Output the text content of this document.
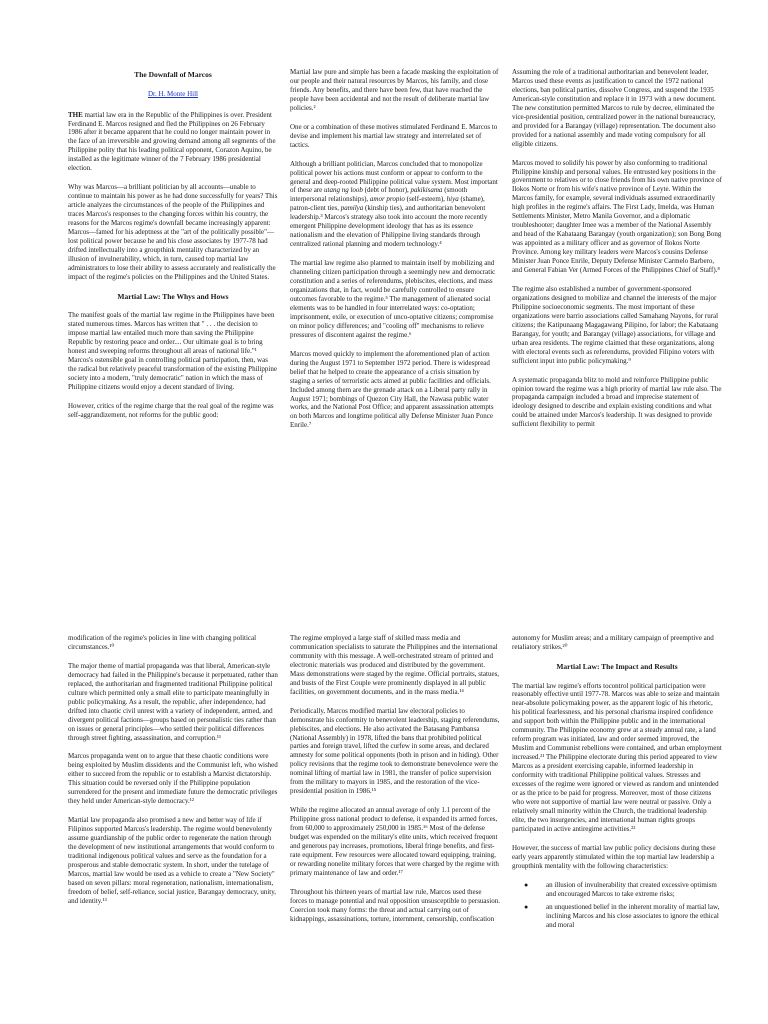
The Downfall of Marcos
Dr. H. Monte Hill

THE martial law era in the Republic of the Philippines is over. President Ferdinand E. Marcos resigned and fled the Philippines on 26 February 1986 after it became apparent that he could no longer maintain power in the face of an irreversible and growing demand among all segments of the Philippine polity that his leading political opponent, Corazon Aquino, be installed as the legitimate winner of the 7 February 1986 presidential election.

Why was Marcos—a brilliant politician by all accounts—unable to continue to maintain his power as he had done successfully for years? This article analyzes the circumstances of the people of the Philippines and traces Marcos's responses to the changing forces within his country, the reasons for the Marcos regime's downfall became increasingly apparent: Marcos—famed for his adeptness at the "art of the politically possible"—lost political power because he and his close associates by 1977-78 had drifted intellectually into a groupthink mentality characterized by an illusion of invulnerability, which, in turn, caused top martial law administrators to lose their ability to assess accurately and realistically the impact of the regime's policies on the Philippines and the United States.

Martial Law: The Whys and Hows

The manifest goals of the martial law regime in the Philippines have been stated numerous times. Marcos has written that " . . . the decision to impose martial law entailed much more than saving the Philippine Republic by restoring peace and order.... Our ultimate goal is to bring honest and sweeping reforms throughout all areas of national life."¹ Marcos's ostensible goal in controlling political participation, then, was the radical but relatively peaceful transformation of the existing Philippine society into a modern, "truly democratic" nation in which the mass of Philippine citizens would enjoy a decent standard of living.

However, critics of the regime charge that the real goal of the regime was self-aggrandizement, not reforms for the public good:

Martial law pure and simple has been a facade masking the exploitation of our people and their natural resources by Marcos, his family, and close friends. Any benefits, and there have been few, that have reached the people have been accidental and not the result of deliberate martial law policies.²

One or a combination of these motives stimulated Ferdinand E. Marcos to devise and implement his martial law strategy and interrelated set of tactics.

Although a brilliant politician, Marcos concluded that to monopolize political power his actions must conform or appear to conform to the general and deep-rooted Philippine political value system. Most important of these are utang ng loob (debt of honor), pakikisama (smooth interpersonal relationships), amor propio (self-esteem), hiya (shame), patron-client ties, pamilya (kinship ties), and authoritarian benevolent leadership.³ Marcos's strategy also took into account the more recently emergent Philippine development ideology that has as its essence nationalism and the elevation of Philippine living standards through centralized rational planning and modern technology.⁴

The martial law regime also planned to maintain itself by mobilizing and channeling citizen participation through a seemingly new and democratic constitution and a series of referendums, plebiscites, elections, and mass organizations that, in fact, would be carefully controlled to ensure outcomes favorable to the regime.⁵ The management of alienated social elements was to be handled in four interrelated ways: co-optation; imprisonment, exile, or execution of unco-optative citizens; compromise on minor policy differences; and "cooling off" mechanisms to relieve pressures of discontent against the regime.⁶

Marcos moved quickly to implement the aforementioned plan of action during the August 1971 to September 1972 period. There is widespread belief that he helped to create the appearance of a crisis situation by staging a series of terroristic acts aimed at public facilities and officials. Included among them are the grenade attack on a Liberal party rally in August 1971; bombings of Quezon City Hall, the Nawasa public water works, and the National Post Office; and apparent assassination attempts on both Marcos and longtime political ally Defense Minister Juan Ponce Enrile.⁷

Assuming the role of a traditional authoritarian and benevolent leader, Marcos used these events as justification to cancel the 1972 national elections, ban political parties, dissolve Congress, and suspend the 1935 American-style constitution and replace it in 1973 with a new document. The new constitution permitted Marcos to rule by decree, eliminated the vice-presidential position, centralized power in the national bureaucracy, and provided for a Barangay (village) representation. The document also provided for a national assembly and made voting compulsory for all eligible citizens.

Marcos moved to solidify his power by also conforming to traditional Philippine kinship and personal values. He entrusted key positions in the government to relatives or to close friends from his own native province of Ilokos Norte or from his wife's native province of Leyte. Within the Marcos family, for example, several individuals assumed extraordinarily high profiles in the regime's affairs. The First Lady, Imelda, was Human Settlements Minister, Metro Manila Governor, and a diplomatic troubleshooter; daughter Imee was a member of the National Assembly and head of the Kabataang Barangay (youth organization); son Bong Bong was appointed as a military officer and as governor of Ilokos Norte Province. Among key military leaders were Marcos's cousins Defense Minister Juan Ponce Enrile, Deputy Defense Minister Carmelo Barbero, and General Fabian Ver (Armed Forces of the Philippines Chief of Staff).⁸

The regime also established a number of government-sponsored organizations designed to mobilize and channel the interests of the major Philippine socioeconomic segments. The most important of these organizations were barrio associations called Samahang Nayons, for rural citizens; the Katipunaang Magagawang Pilipino, for labor; the Kabataang Barangay, for youth; and Barangay (village) associations, for village and urban area residents. The regime claimed that these organizations, along with electoral events such as referendums, provided Filipino voters with sufficient input into public policymaking.⁹

A systematic propaganda blitz to mold and reinforce Philippine public opinion toward the regime was a high priority of martial law rule also. The propaganda campaign included a broad and imprecise statement of ideology designed to describe and explain existing conditions and what could be attained under Marcos's leadership. It was designed to provide sufficient flexibility to permit

modification of the regime's policies in line with changing political circumstances.¹⁰

The major theme of martial propaganda was that liberal, American-style democracy had failed in the Philippine's because it perpetuated, rather than replaced, the authoritarian and fragmented traditional Philippine political culture which permitted only a small elite to participate meaningfully in public policymaking. As a result, the republic, after independence, had drifted into chaotic civil unrest with a variety of independent, armed, and divergent political factions—groups based on personalistic ties rather than on issues or general principles—who settled their political differences through street fighting, assassination, and corruption.¹¹

Marcos propaganda went on to argue that these chaotic conditions were being exploited by Muslim dissidents and the Communist left, who wished either to succeed from the republic or to establish a Marxist dictatorship. This situation could be reversed only if the Philippine population surrendered for the present and immediate future the democratic privileges they held under American-style democracy.¹²

Martial law propaganda also promised a new and better way of life if Filipinos supported Marcos's leadership. The regime would benevolently assume guardianship of the public order to regenerate the nation through the development of new institutional arrangements that would conform to traditional indigenous political values and serve as the foundation for a prosperous and stable democratic system. In short, under the tutelage of Marcos, martial law would be used as a vehicle to create a "New Society" based on seven pillars: moral regeneration, nationalism, internationalism, freedom of belief, self-reliance, social justice, Barangay democracy, unity, and identity.¹³

The regime employed a large staff of skilled mass media and communication specialists to saturate the Philippines and the international community with this message. A well-orchestrated stream of printed and electronic materials was produced and distributed by the government. Mass demonstrations were staged by the regime. Official portraits, statues, and busts of the First Couple were prominently displayed in all public facilities, on government documents, and in the mass media.¹⁴

Periodically, Marcos modified martial law electoral policies to demonstrate his conformity to benevolent leadership, staging referendums, plebiscites, and elections. He also activated the Batasang Pambansa (National Assembly) in 1978, lifted the bans that prohibited political parties and foreign travel, lifted the curfew in some areas, and declared amnesty for some political opponents (both in prison and in hiding). Other policy revisions that the regime took to demonstrate benevolence were the nominal lifting of martial law in 1981, the transfer of police supervision from the military to mayors in 1985, and the restoration of the vice-presidential position in 1986.¹⁵

While the regime allocated an annual average of only 1.1 percent of the Philippine gross national product to defense, it expanded its armed forces, from 60,000 to approximately 250,000 in 1985.¹⁶ Most of the defense budget was expended on the military's elite units, which received frequent and generous pay increases, promotions, liberal fringe benefits, and first-rate equipment. Few resources were allocated toward equipping, training, or rewarding nonelite military forces that were charged by the regime with primary maintenance of law and order.¹⁷

Throughout his thirteen years of martial law rule, Marcos used these forces to manage potential and real opposition unsusceptible to persuasion. Coercion took many forms: the threat and actual carrying out of kidnappings, assassinations, torture, internment, censorship, confiscation

autonomy for Muslim areas; and a military campaign of preemptive and retaliatory strikes.²⁰

Martial Law: The Impact and Results

The martial law regime's efforts tocontrol political participation were reasonably effective until 1977-78. Marcos was able to seize and maintain near-absolute policymaking power, as the apparent logic of his rhetoric, his political fearlessness, and his personal charisma inspired confidence and support both within the Philippine public and in the international community. The Philippine economy grew at a steady annual rate, a land reform program was initiated, law and order seemed improved, the Muslim and Communist rebellions were contained, and urban employment increased.²¹ The Philippine electorate during this period appeared to view Marcos as a president exercising capable, informed leadership in conformity with traditional Philippine political values. Stresses and excesses of the regime were ignored or viewed as random and unintended or as the price to be paid for progress. Moreover, most of those citizens who were not supportive of martial law were neutral or passive. Only a relatively small minority within the Church, the traditional leadership elite, the two insurgencies, and international human rights groups participated in active antiregime activities.²²

However, the success of martial law public policy decisions during these early years apparently stimulated within the top martial law leadership a groupthink mentality with the following characteristics:

● an illusion of invulnerability that created excessive optimism and encouraged Marcos to take extreme risks;
● an unquestioned belief in the inherent morality of martial law, inclining Marcos and his close associates to ignore the ethical and moral
